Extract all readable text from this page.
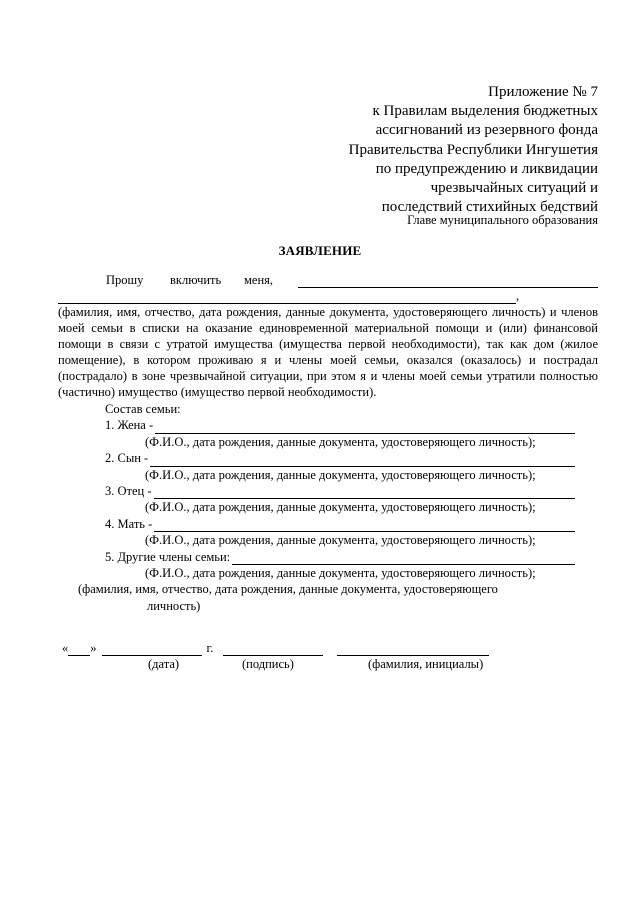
Приложение № 7
к Правилам выделения бюджетных
ассигнований из резервного фонда
Правительства Республики Ингушетия
по предупреждению и ликвидации
чрезвычайных ситуаций и
последствий стихийных бедствий
Главе муниципального образования
ЗАЯВЛЕНИЕ
Прошу	включить	меня,
,

(фамилия, имя, отчество, дата рождения, данные документа, удостоверяющего личность) и членов моей семьи в списки на оказание единовременной материальной помощи и (или) финансовой помощи в связи с утратой имущества (имущества первой необходимости), так как дом (жилое помещение), в котором проживаю я и члены моей семьи, оказался (оказалось) и пострадал (пострадало) в зоне чрезвычайной ситуации, при этом я и члены моей семьи утратили полностью (частично) имущество (имущество первой необходимости).

Состав семьи:
1. Жена -
(Ф.И.О., дата рождения, данные документа, удостоверяющего личность);
2. Сын -
(Ф.И.О., дата рождения, данные документа, удостоверяющего личность);
3. Отец -
(Ф.И.О., дата рождения, данные документа, удостоверяющего личность);
4. Мать -
(Ф.И.О., дата рождения, данные документа, удостоверяющего личность);
5. Другие члены семьи:
(Ф.И.О., дата рождения, данные документа, удостоверяющего личность);
(фамилия, имя, отчество, дата рождения, данные документа, удостоверяющего
личность)
« »	г.
(дата)	(подпись)	(фамилия, инициалы)
